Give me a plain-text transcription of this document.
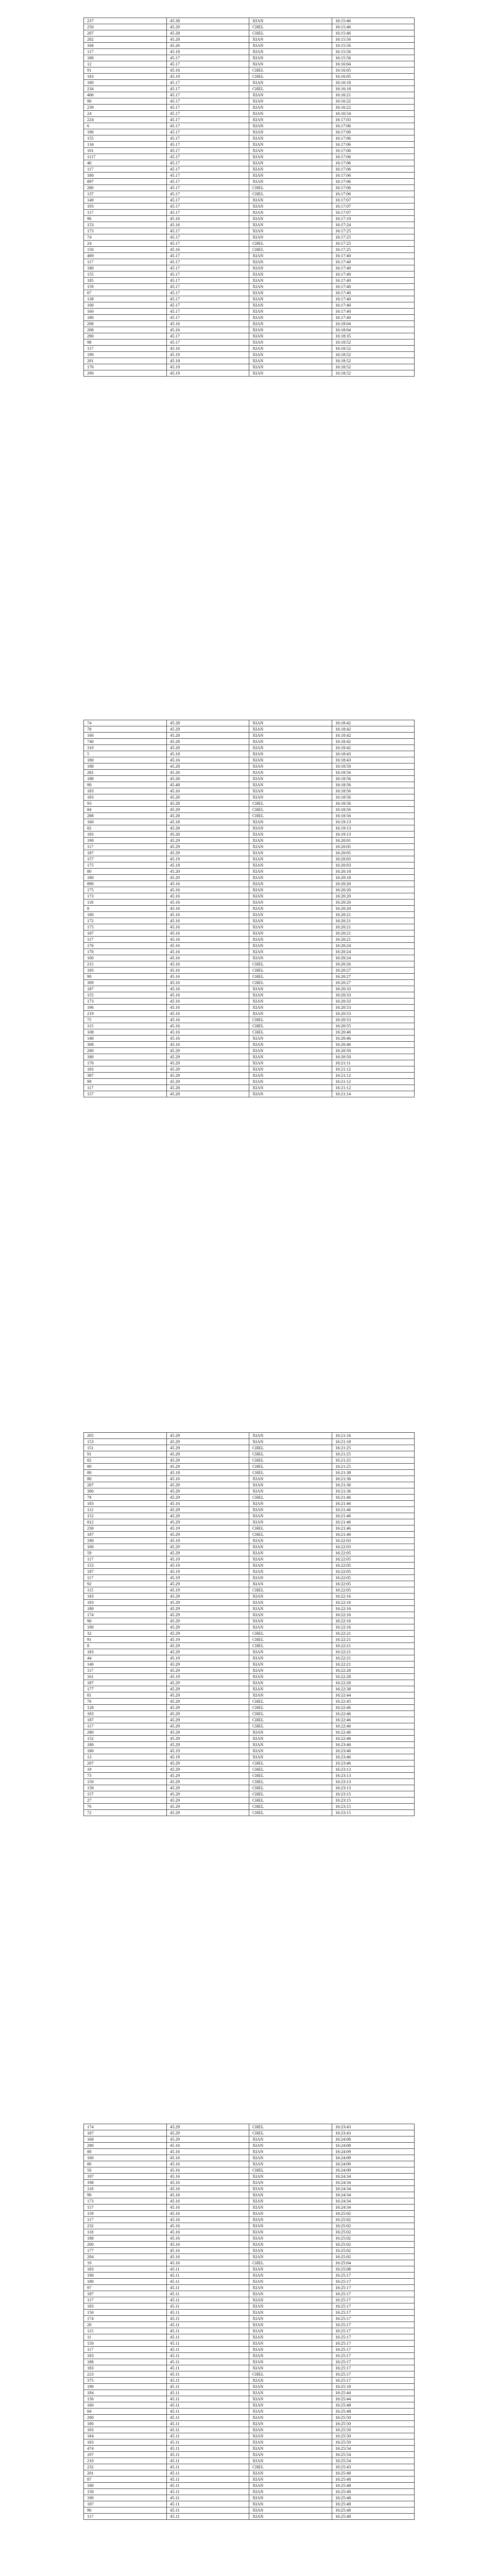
237	45.38	XIAN	16:15:46
250	45.29	CHEL	16:15:46
207	45.28	CHEL	16:15:46
282	45.28	XIAN	16:15:56
168	45.26	XIAN	16:15:56
117	45.18	XIAN	16:15:56
180	45.17	XIAN	16:15:56
12	45.17	XIAN	16:16:04
91	45.16	CHEL	16:16:05
183	45.19	CHEL	16:16:05
180	45.17	XIAN	16:16:18
234	45.17	CHEL	16:16:18
406	45.17	XIAN	16:16:21
90	45.17	XIAN	16:16:22
239	45.17	XIAN	16:16:22
24	45.17	XIAN	16:16:54
224	45.17	XIAN	16:17:03
6	45.17	XIAN	16:17:06
196	45.17	XIAN	16:17:06
155	45.17	XIAN	16:17:06
134	45.17	XIAN	16:17:06
101	45.17	XIAN	16:17:06
1117	45.17	XIAN	16:17:06
40	45.17	XIAN	16:17:06
117	45.17	XIAN	16:17:06
180	45.17	XIAN	16:17:06
897	45.17	XIAN	16:17:06
286	45.17	CHEL	16:17:06
137	45.17	CHEL	16:17:06
140	45.17	XIAN	16:17:07
193	45.17	XIAN	16:17:07
117	45.17	XIAN	16:17:07
96	45.16	XIAN	16:17:19
153	45.16	XIAN	16:17:24
173	45.17	XIAN	16:17:25
74	45.17	XIAN	16:17:25
24	45.17	CHEL	16:17:25
150	45.16	CHEL	16:17:25
469	45.17	XIAN	16:17:40
117	45.17	XIAN	16:17:40
180	45.17	XIAN	16:17:40
155	45.17	XIAN	16:17:40
185	45.17	XIAN	16:17:40
159	45.17	XIAN	16:17:40
67	45.17	XIAN	16:17:40
138	45.17	XIAN	16:17:40
100	45.17	XIAN	16:17:40
160	45.17	XIAN	16:17:40
180	45.17	XIAN	16:17:40
208	45.16	XIAN	16:18:04
208	45.16	XIAN	16:18:04
290	45.17	XIAN	16:18:35
98	45.17	XIAN	16:18:52
117	45.16	XIAN	16:18:52
190	45.19	XIAN	16:18:52
201	45.18	XIAN	16:18:52
176	45.19	XIAN	16:18:52
290	45.19	XIAN	16:18:52
74	45.28	XIAN	16:18:42
78	45.29	XIAN	16:18:42
160	45.28	XIAN	16:18:42
740	45.28	XIAN	16:18:42
310	45.28	XIAN	16:18:42
5	45.18	XIAN	16:18:43
180	45.16	XIAN	16:18:43
188	45.28	XIAN	16:18:50
282	45.26	XIAN	16:18:56
188	45.28	XIAN	16:18:56
90	45.48	XIAN	16:18:56
183	45.16	XIAN	16:18:56
183	45.28	XIAN	16:18:56
93	45.28	CHEL	16:18:56
84	45.29	CHEL	16:18:56
288	45.28	CHEL	16:18:56
160	45.18	XIAN	16:19:13
82	45.28	XIAN	16:19:13
183	45.28	XIAN	16:19:13
190	45.29	XIAN	16:20:01
117	45.29	XIAN	16:20:05
187	45.29	XIAN	16:20:05
157	45.19	XIAN	16:20:03
175	45.18	XIAN	16:20:03
80	45.20	XIAN	16:20:18
180	45.20	XIAN	16:20:18
890	45.16	XIAN	16:20:20
175	45.16	XIAN	16:20:20
173	45.16	XIAN	16:20:20
118	45.16	XIAN	16:20:20
8	45.16	XIAN	16:20:20
180	45.16	XIAN	16:20:21
172	45.16	XIAN	16:20:21
175	45.16	XIAN	16:20:21
187	45.16	XIAN	16:20:21
117	45.16	XIAN	16:20:21
176	45.16	XIAN	16:20:24
170	45.16	XIAN	16:20:24
100	45.16	XIAN	16:20:24
215	45.16	CHEL	16:20:26
183	45.16	CHEL	16:20:27
90	45.16	CHEL	16:20:27
309	45.16	CHEL	16:20:27
187	45.16	XIAN	16:20:33
155	45.16	XIAN	16:20:33
173	45.16	XIAN	16:20:33
196	45.16	XIAN	16:20:53
219	45.16	XIAN	16:20:53
75	45.16	CHEL	16:20:53
115	45.16	CHEL	16:20:55
108	45.16	CHEL	16:20:46
140	45.16	XIAN	16:20:46
308	45.16	XIAN	16:20:46
200	45.29	XIAN	16:20:50
180	45.29	XIAN	16:20:50
170	45.29	XIAN	16:21:11
183	45.29	XIAN	16:21:12
387	45.29	XIAN	16:21:12
99	45.29	XIAN	16:21:12
117	45.28	XIAN	16:21:12
157	45.28	XIAN	16:21:14
205	45.29	XIAN	16:21:16
153	45.29	XIAN	16:21:18
151	45.29	CHEL	16:21:25
91	45.29	CHEL	16:21:25
82	45.29	CHEL	16:21:25
80	45.29	CHEL	16:21:25
80	45.18	CHEL	16:21:38
80	45.16	XIAN	16:21:36
207	45.29	XIAN	16:21:36
300	45.29	XIAN	16:21:36
78	45.29	CHEL	16:21:46
183	45.16	XIAN	16:21:46
112	45.29	XIAN	16:21:46
152	45.29	XIAN	16:21:46
812	45.29	XIAN	16:21:46
230	45.19	CHEL	16:21:46
187	45.29	CHEL	16:21:46
190	45.19	XIAN	16:22:03
100	45.29	XIAN	16:22:03
59	45.29	XIAN	16:22:05
117	45.19	XIAN	16:22:05
153	45.19	XIAN	16:22:05
187	45.19	XIAN	16:22:05
117	45.19	XIAN	16:22:05
92	45.29	XIAN	16:22:05
115	45.19	CHEL	16:22:05
183	45.29	XIAN	16:22:16
183	45.29	XIAN	16:22:16
180	45.29	XIAN	16:22:16
174	45.29	XIAN	16:22:16
90	45.29	XIAN	16:22:16
190	45.29	XIAN	16:22:16
32	45.29	CHEL	16:22:21
91	45.19	CHEL	16:22:21
8	45.29	CHEL	16:22:21
183	45.29	XIAN	16:22:21
44	45.19	XIAN	16:22:21
140	45.29	XIAN	16:22:21
117	45.29	XIAN	16:22:28
161	45.19	XIAN	16:22:28
187	45.29	XIAN	16:22:28
177	45.29	XIAN	16:22:38
81	45.29	XIAN	16:22:44
76	45.29	CHEL	16:22:45
128	45.29	CHEL	16:22:46
183	45.29	CHEL	16:22:46
187	45.29	CHEL	16:22:46
117	45.29	CHEL	16:22:46
280	45.29	XIAN	16:22:46
152	45.29	XIAN	16:22:46
180	45.29	XIAN	16:23:46
180	45.19	XIAN	16:23:46
13	45.19	XIAN	16:23:46
207	45.29	CHEL	16:23:46
19	45.29	CHEL	16:23:13
73	45.29	CHEL	16:23:13
150	45.29	CHEL	16:23:13
158	45.29	CHEL	16:23:13
157	45.29	CHEL	16:23:15
27	45.29	CHEL	16:23:15
76	45.29	CHEL	16:23:15
72	45.29	CHEL	16:23:15
174	45.29	CHEL	16:23:43
187	45.29	CHEL	16:23:43
168	45.29	XIAN	16:24:08
280	45.16	XIAN	16:24:08
80	45.16	XIAN	16:24:09
160	45.16	XIAN	16:24:09
80	45.16	XIAN	16:24:09
50	45.16	CHEL	16:24:09
187	45.16	XIAN	16:24:34
198	45.16	XIAN	16:24:34
118	45.16	XIAN	16:24:34
90	45.16	XIAN	16:24:34
173	45.16	XIAN	16:24:34
157	45.16	XIAN	16:24:34
159	45.16	XIAN	16:25:02
117	45.16	XIAN	16:25:02
232	45.16	XIAN	16:25:02
118	45.16	XIAN	16:25:02
188	45.16	XIAN	16:25:02
200	45.16	XIAN	16:25:02
177	45.16	XIAN	16:25:02
204	45.16	XIAN	16:25:02
19	45.16	CHEL	16:25:04
183	45.11	XIAN	16:25:08
190	45.11	XIAN	16:25:17
180	45.11	XIAN	16:25:17
97	45.11	XIAN	16:25:17
187	45.11	XIAN	16:25:17
117	45.11	XIAN	16:25:17
183	45.11	XIAN	16:25:17
150	45.11	XIAN	16:25:17
174	45.11	XIAN	16:25:17
20	45.11	XIAN	16:25:17
115	45.11	XIAN	16:25:17
11	45.11	XIAN	16:25:17
150	45.11	XIAN	16:25:17
117	45.11	XIAN	16:25:17
183	45.11	XIAN	16:25:17
188	45.11	XIAN	16:25:17
183	45.11	XIAN	16:25:17
223	45.11	CHEL	16:25:17
375	45.11	XIAN	16:25:17
190	45.11	XIAN	16:25:18
184	45.11	XIAN	16:25:44
150	45.11	XIAN	16:25:44
160	45.11	XIAN	16:25:48
84	45.11	XIAN	16:25:48
200	45.11	XIAN	16:25:50
180	45.11	XIAN	16:25:50
183	45.11	XIAN	16:25:50
184	45.11	XIAN	16:25:50
183	45.11	XIAN	16:25:50
474	45.11	XIAN	16:25:54
197	45.11	XIAN	16:25:54
210	45.11	XIAN	16:25:54
232	45.11	CHEL	16:25:43
201	45.11	XIAN	16:25:48
87	45.11	XIAN	16:25:48
180	45.11	XIAN	16:25:48
158	45.11	XIAN	16:25:48
190	45.11	XIAN	16:25:48
187	45.11	XIAN	16:25:48
90	45.11	XIAN	16:25:48
117	45.11	XIAN	16:25:48
